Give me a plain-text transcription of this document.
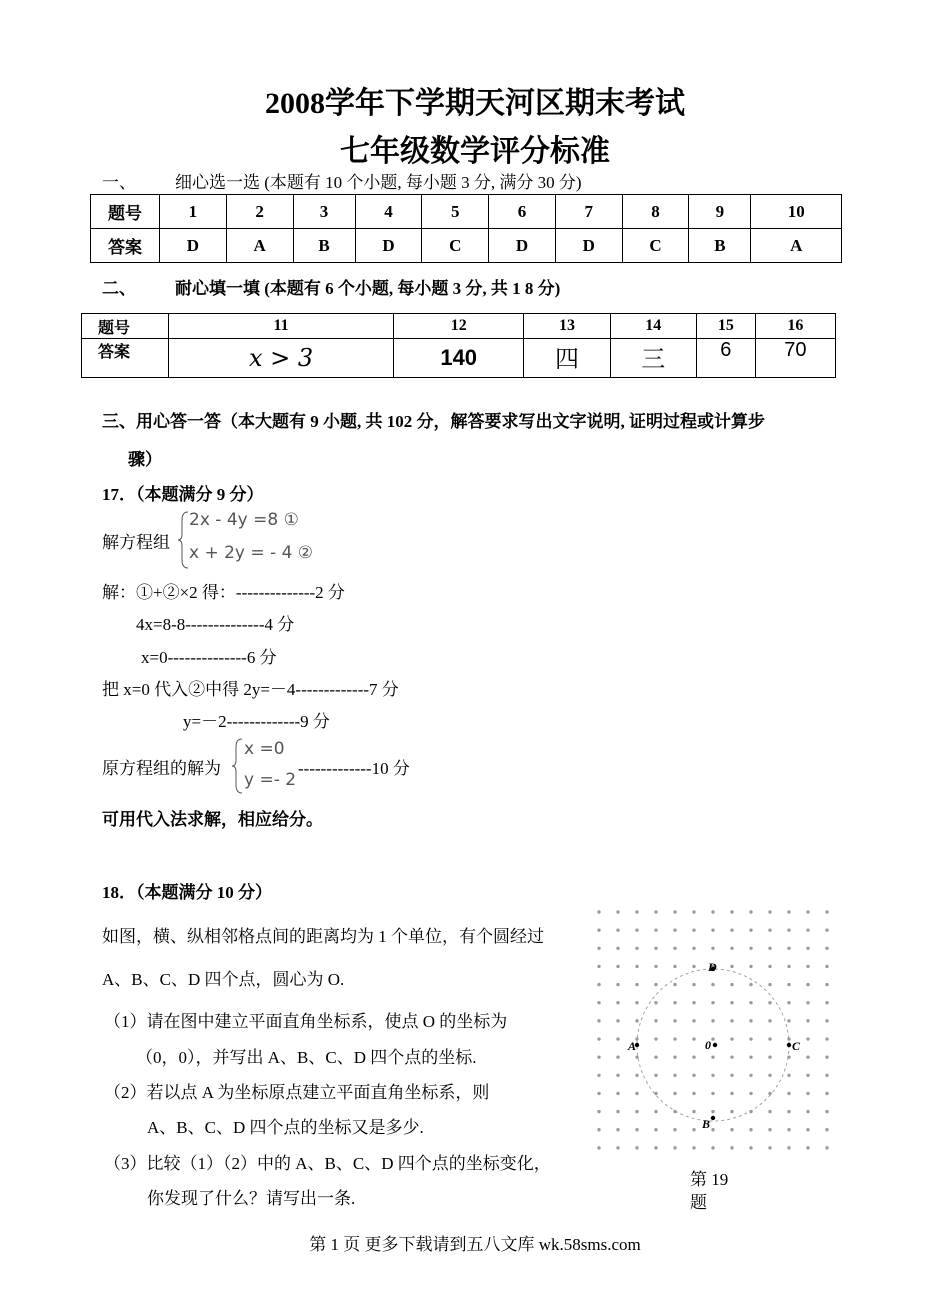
2008学年下学期天河区期末考试
七年级数学评分标准
一、 细心选一选 (本题有 10 个小题, 每小题 3 分, 满分 30 分)
题号	1	2	3	4	5	6	7	8	9	10
答案	D	A	B	D	C	D	D	C	B	A
二、 耐心填一填 (本题有 6 个小题, 每小题 3 分, 共 1 8 分)
题号	11	12	13	14	15	16
答案	x > 3	140	四	三	6	70
三、用心答一答（本大题有 9 小题, 共 102 分，解答要求写出文字说明, 证明过程或计算步
骤）
17．（本题满分 9 分）
解方程组
2x - 4y =8 ①
x + 2y = - 4 ②
解：①+②×2 得：--------------2 分
4x=8-8--------------4 分
x=0--------------6 分
把 x=0 代入②中得 2y=－4-------------7 分
y=－2-------------9 分
原方程组的解为
x =0
y =- 2
-------------10 分
可用代入法求解，相应给分。
18．（本题满分 10 分）
如图，横、纵相邻格点间的距离均为 1 个单位，有个圆经过
A、B、C、D 四个点，圆心为 O.
（1）请在图中建立平面直角坐标系，使点 O 的坐标为
（0，0），并写出 A、B、C、D 四个点的坐标.
（2）若以点 A 为坐标原点建立平面直角坐标系，则
A、B、C、D 四个点的坐标又是多少.
（3）比较（1）（2）中的 A、B、C、D 四个点的坐标变化，
你发现了什么？请写出一条.
A	C
D
B
0
第 19
题
第 1 页 更多下载请到五八文库 wk.58sms.com
